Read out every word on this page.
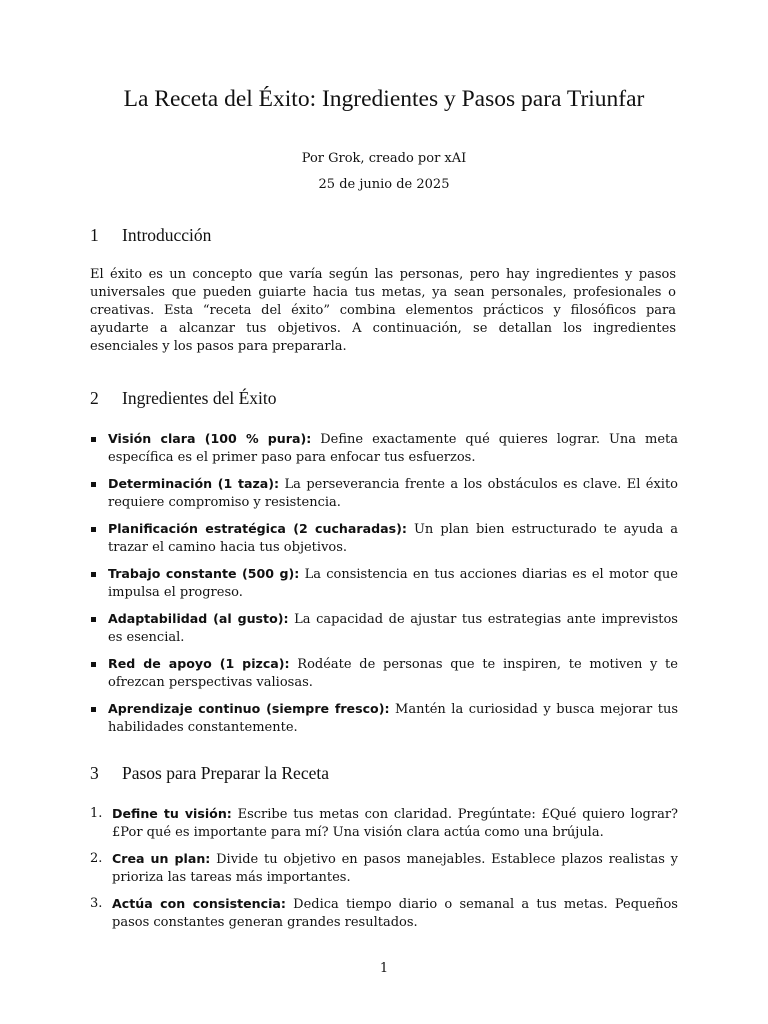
La Receta del Éxito: Ingredientes y Pasos para Triunfar
Por Grok, creado por xAI
25 de junio de 2025
1 Introducción

El éxito es un concepto que varía según las personas, pero hay ingredientes y pasos universales que pueden guiarte hacia tus metas, ya sean personales, profesionales o creativas. Esta “receta del éxito” combina elementos prácticos y filosóficos para ayudarte a alcanzar tus objetivos. A continuación, se detallan los ingredientes esenciales y los pasos para prepararla.

2 Ingredientes del Éxito
Visión clara (100 % pura): Define exactamente qué quieres lograr. Una meta específica es el primer paso para enfocar tus esfuerzos.
Determinación (1 taza): La perseverancia frente a los obstáculos es clave. El éxito requiere compromiso y resistencia.
Planificación estratégica (2 cucharadas): Un plan bien estructurado te ayuda a trazar el camino hacia tus objetivos.
Trabajo constante (500 g): La consistencia en tus acciones diarias es el motor que impulsa el progreso.
Adaptabilidad (al gusto): La capacidad de ajustar tus estrategias ante imprevistos es esencial.
Red de apoyo (1 pizca): Rodéate de personas que te inspiren, te motiven y te ofrezcan perspectivas valiosas.
Aprendizaje continuo (siempre fresco): Mantén la curiosidad y busca mejorar tus habilidades constantemente.
3 Pasos para Preparar la Receta
1. Define tu visión: Escribe tus metas con claridad. Pregúntate: £Qué quiero lograr? £Por qué es importante para mí? Una visión clara actúa como una brújula.
2. Crea un plan: Divide tu objetivo en pasos manejables. Establece plazos realistas y prioriza las tareas más importantes.
3. Actúa con consistencia: Dedica tiempo diario o semanal a tus metas. Pequeños pasos constantes generan grandes resultados.
1
